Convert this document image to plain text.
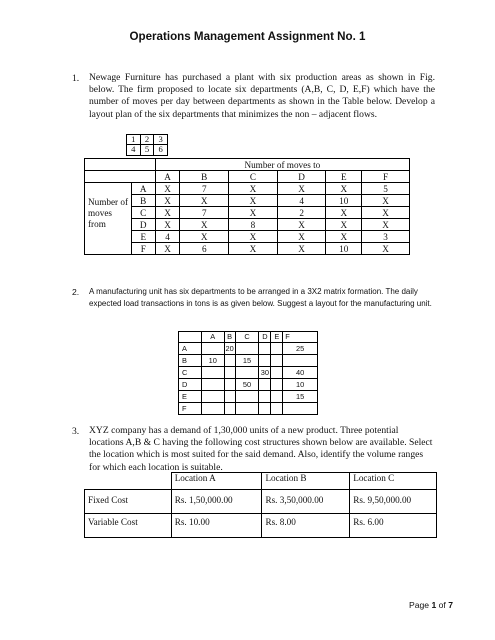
Operations Management Assignment No. 1
1. Newage Furniture has purchased a plant with six production areas as shown in Fig. below. The firm proposed to locate six departments (A,B, C, D, E,F) which have the number of moves per day between departments as shown in the Table below. Develop a layout plan of the six departments that minimizes the non – adjacent flows.
1	2	3
4	5	6
		Number of moves to					
		A	B	C	D	E	F
Number of moves from	A	X	7	X	X	X	5
	B	X	X	X	4	10	X
	C	X	7	X	2	X	X
	D	X	X	8	X	X	X
	E	4	X	X	X	X	3
	F	X	6	X	X	10	X
2. A manufacturing unit has six departments to be arranged in a 3X2 matrix formation. The daily expected load transactions in tons is as given below. Suggest a layout for the manufacturing unit.
	A	B	C	D	E	F
A		20				25
B	10		15			
C				30		40
D			50			10
E						15
F						
3. XYZ company has a demand of 1,30,000 units of a new product. Three potential locations A,B & C having the following cost structures shown below are available. Select the location which is most suited for the said demand. Also, identify the volume ranges for which each location is suitable.
	Location A	Location B	Location C
Fixed Cost	Rs. 1,50,000.00	Rs. 3,50,000.00	Rs. 9,50,000.00
Variable Cost	Rs. 10.00	Rs. 8.00	Rs. 6.00
Page 1 of 7
